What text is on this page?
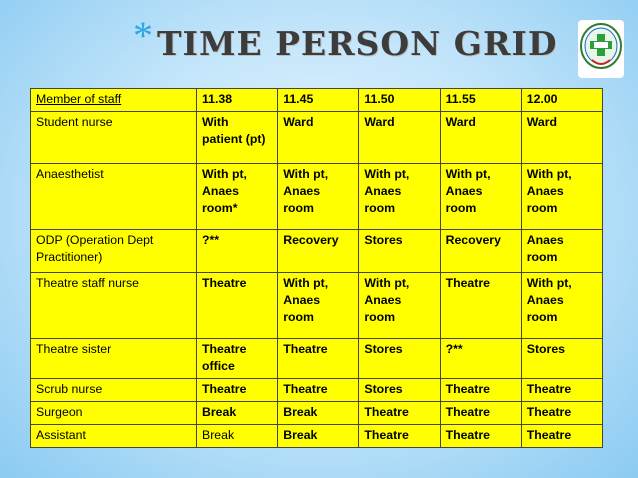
* TIME PERSON GRID
Member of staff	11.38	11.45	11.50	11.55	12.00
Student nurse	With patient (pt)	Ward	Ward	Ward	Ward
Anaesthetist	With pt, Anaes room*	With pt, Anaes room	With pt, Anaes room	With pt, Anaes room	With pt, Anaes room
ODP (Operation Dept Practitioner)	?**	Recovery	Stores	Recovery	Anaes room
Theatre staff nurse	Theatre	With pt, Anaes room	With pt, Anaes room	Theatre	With pt, Anaes room
Theatre sister	Theatre office	Theatre	Stores	?**	Stores
Scrub nurse	Theatre	Theatre	Stores	Theatre	Theatre
Surgeon	Break	Break	Theatre	Theatre	Theatre
Assistant	Break	Break	Theatre	Theatre	Theatre
